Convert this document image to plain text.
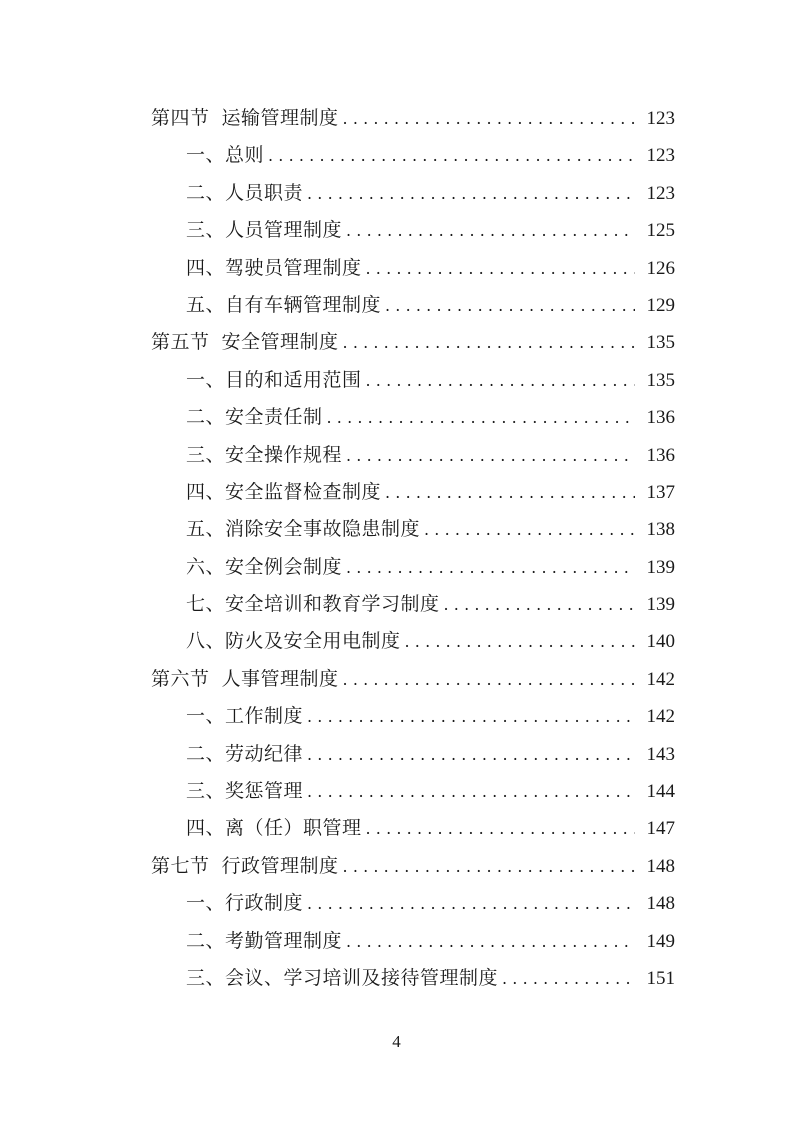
第四节 运输管理制度 .....	123
一、总则 .....	123
二、人员职责 .....	123
三、人员管理制度 .....	125
四、驾驶员管理制度 .....	126
五、自有车辆管理制度 .....	129
第五节 安全管理制度 .....	135
一、目的和适用范围 .....	135
二、安全责任制 .....	136
三、安全操作规程 .....	136
四、安全监督检查制度 .....	137
五、消除安全事故隐患制度 .....	138
六、安全例会制度 .....	139
七、安全培训和教育学习制度 .....	139
八、防火及安全用电制度 .....	140
第六节 人事管理制度 .....	142
一、工作制度 .....	142
二、劳动纪律 .....	143
三、奖惩管理 .....	144
四、离（任）职管理 .....	147
第七节 行政管理制度 .....	148
一、行政制度 .....	148
二、考勤管理制度 .....	149
三、会议、学习培训及接待管理制度 .....	151
4
